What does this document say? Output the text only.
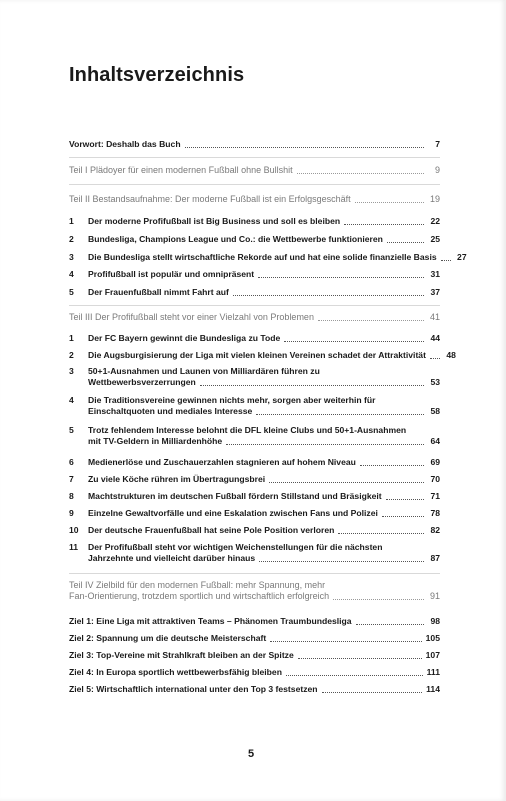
Inhaltsverzeichnis
Vorwort: Deshalb das Buch	7
Teil I Plädoyer für einen modernen Fußball ohne Bullshit	9
Teil II Bestandsaufnahme: Der moderne Fußball ist ein Erfolgsgeschäft	19
1	Der moderne Profifußball ist Big Business und soll es bleiben	22
2	Bundesliga, Champions League und Co.: die Wettbewerbe funktionieren	25
3	Die Bundesliga stellt wirtschaftliche Rekorde auf und hat eine solide finanzielle Basis 27
4	Profifußball ist populär und omnipräsent	31
5	Der Frauenfußball nimmt Fahrt auf	37
Teil III Der Profifußball steht vor einer Vielzahl von Problemen	41
1	Der FC Bayern gewinnt die Bundesliga zu Tode	44
2	Die Augsburgisierung der Liga mit vielen kleinen Vereinen schadet der Attraktivität 48
3	50+1-Ausnahmen und Launen von Milliardären führen zu
Wettbewerbsverzerrungen	53
4	Die Traditionsvereine gewinnen nichts mehr, sorgen aber weiterhin für
Einschaltquoten und mediales Interesse	58
5	Trotz fehlendem Interesse belohnt die DFL kleine Clubs und 50+1-Ausnahmen
mit TV-Geldern in Milliardenhöhe	64
6	Medienerlöse und Zuschauerzahlen stagnieren auf hohem Niveau	69
7	Zu viele Köche rühren im Übertragungsbrei	70
8	Machtstrukturen im deutschen Fußball fördern Stillstand und Bräsigkeit	71
9	Einzelne Gewaltvorfälle und eine Eskalation zwischen Fans und Polizei	78
10	Der deutsche Frauenfußball hat seine Pole Position verloren	82
11	Der Profifußball steht vor wichtigen Weichenstellungen für die nächsten
Jahrzehnte und vielleicht darüber hinaus	87
Teil IV Zielbild für den modernen Fußball: mehr Spannung, mehr
Fan-Orientierung, trotzdem sportlich und wirtschaftlich erfolgreich	91
Ziel 1: Eine Liga mit attraktiven Teams – Phänomen Traumbundesliga	98
Ziel 2: Spannung um die deutsche Meisterschaft	105
Ziel 3: Top-Vereine mit Strahlkraft bleiben an der Spitze	107
Ziel 4: In Europa sportlich wettbewerbsfähig bleiben	111
Ziel 5: Wirtschaftlich international unter den Top 3 festsetzen	114
5
